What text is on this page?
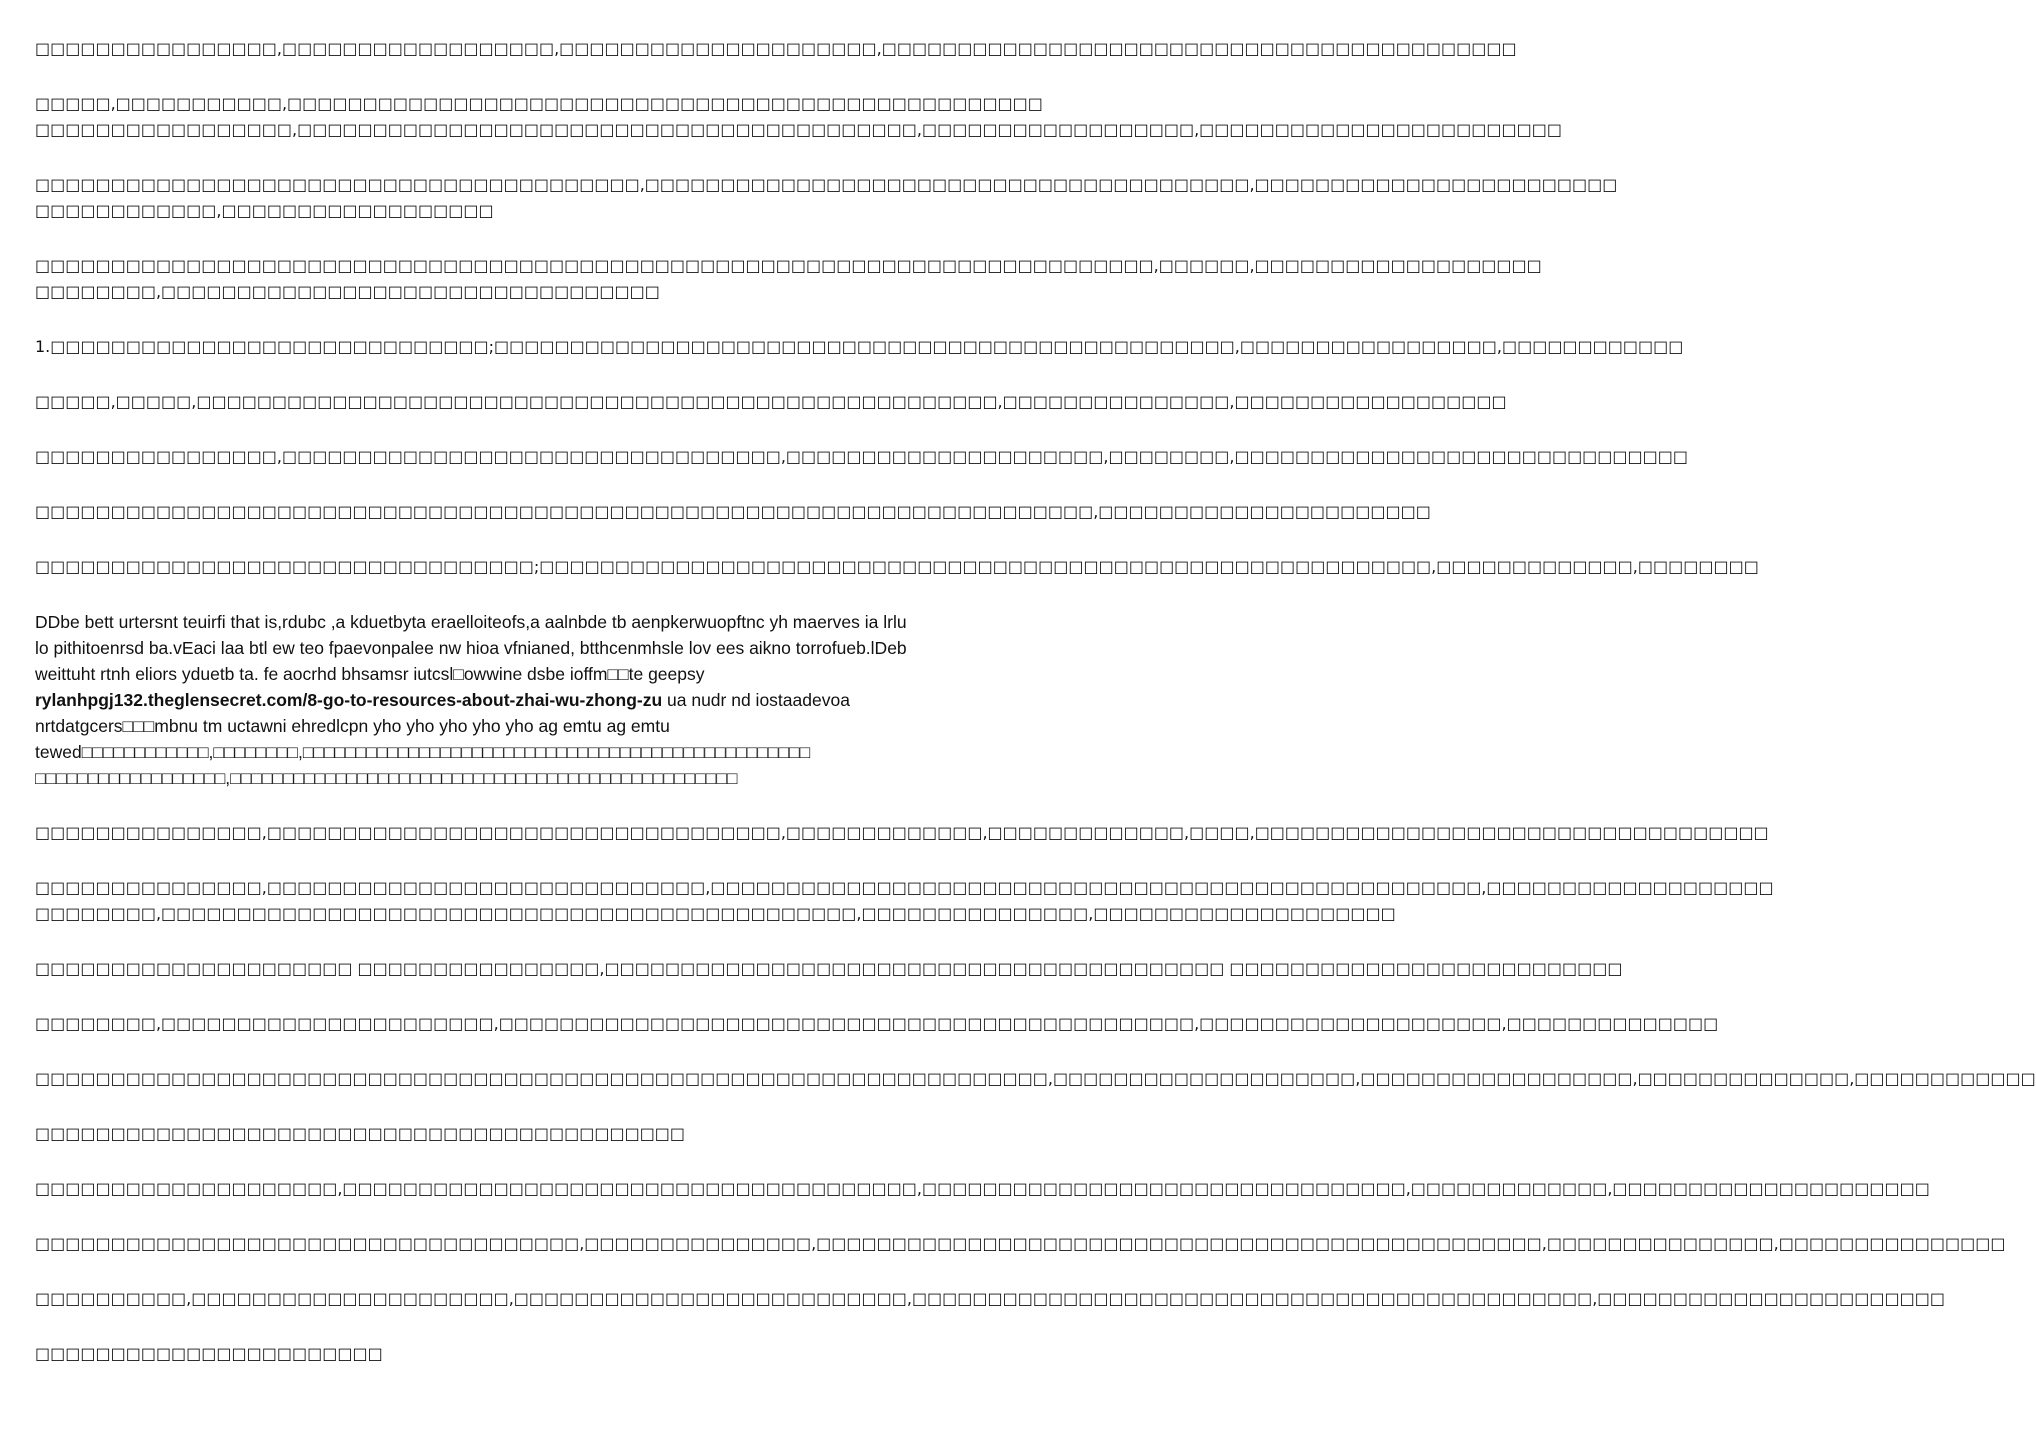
□□□□□□□□□□□□□□□□,□□□□□□□□□□□□□□□□□□,□□□□□□□□□□□□□□□□□□□□□,□□□□□□□□□□□□□□□□□□□□□□□□□□□□□□□□□□□□□□□□□□

□□□□□,□□□□□□□□□□□,□□□□□□□□□□□□□□□□□□□□□□□□□□□□□□□□□□□□□□□□□□□□□□□□□□
□□□□□□□□□□□□□□□□□,□□□□□□□□□□□□□□□□□□□□□□□□□□□□□□□□□□□□□□□□□,□□□□□□□□□□□□□□□□□□,□□□□□□□□□□□□□□□□□□□□□□□□

□□□□□□□□□□□□□□□□□□□□□□□□□□□□□□□□□□□□□□□□,□□□□□□□□□□□□□□□□□□□□□□□□□□□□□□□□□□□□□□□□,□□□□□□□□□□□□□□□□□□□□□□□□
□□□□□□□□□□□□,□□□□□□□□□□□□□□□□□□

□□□□□□□□□□□□□□□□□□□□□□□□□□□□□□□□□□□□□□□□□□□□□□□□□□□□□□□□□□□□□□□□□□□□□□□□□□,□□□□□□,□□□□□□□□□□□□□□□□□□□
□□□□□□□□,□□□□□□□□□□□□□□□□□□□□□□□□□□□□□□□□□

1.□□□□□□□□□□□□□□□□□□□□□□□□□□□□□;□□□□□□□□□□□□□□□□□□□□□□□□□□□□□□□□□□□□□□□□□□□□□□□□□,□□□□□□□□□□□□□□□□□,□□□□□□□□□□□□

□□□□□,□□□□□,□□□□□□□□□□□□□□□□□□□□□□□□□□□□□□□□□□□□□□□□□□□□□□□□□□□□□,□□□□□□□□□□□□□□□,□□□□□□□□□□□□□□□□□□

□□□□□□□□□□□□□□□□,□□□□□□□□□□□□□□□□□□□□□□□□□□□□□□□□□,□□□□□□□□□□□□□□□□□□□□□,□□□□□□□□,□□□□□□□□□□□□□□□□□□□□□□□□□□□□□□

□□□□□□□□□□□□□□□□□□□□□□□□□□□□□□□□□□□□□□□□□□□□□□□□□□□□□□□□□□□□□□□□□□□□□□,□□□□□□□□□□□□□□□□□□□□□□

□□□□□□□□□□□□□□□□□□□□□□□□□□□□□□□□□;□□□□□□□□□□□□□□□□□□□□□□□□□□□□□□□□□□□□□□□□□□□□□□□□□□□□□□□□□□□,□□□□□□□□□□□□□,□□□□□□□□

DDbe bett urtersnt teuirfi that is,rdubc ,a kduetbyta eraelloiteofs,a aalnbde tb aenpkerwuopftnc yh maerves ia lrlu
lo pithitoenrsd ba.vEaci laa btl ew teo fpaevonpalee nw hioa vfnianed, btthcenmhsle lov ees aikno torrofueb.lDeb
weittuht rtnh eliors yduetb ta. fe aocrhd bhsamsr iutcsl□owwine dsbe ioffm□□te geepsy
rylanhpgj132.theglensecret.com/8-go-to-resources-about-zhai-wu-zhong-zu ua nudr nd iostaadevoa
nrtdatgcers□□□mbnu tm uctawni ehredlcpn yho yho yho yho yho ag emtu ag emtu
tewed□□□□□□□□□□□□,□□□□□□□□,□□□□□□□□□□□□□□□□□□□□□□□□□□□□□□□□□□□□□□□□□□□□□□□□
□□□□□□□□□□□□□□□□□□,□□□□□□□□□□□□□□□□□□□□□□□□□□□□□□□□□□□□□□□□□□□□□□□□

□□□□□□□□□□□□□□□,□□□□□□□□□□□□□□□□□□□□□□□□□□□□□□□□□□,□□□□□□□□□□□□□,□□□□□□□□□□□□□,□□□□,□□□□□□□□□□□□□□□□□□□□□□□□□□□□□□□□□□

□□□□□□□□□□□□□□□,□□□□□□□□□□□□□□□□□□□□□□□□□□□□□,□□□□□□□□□□□□□□□□□□□□□□□□□□□□□□□□□□□□□□□□□□□□□□□□□□□,□□□□□□□□□□□□□□□□□□□
□□□□□□□□,□□□□□□□□□□□□□□□□□□□□□□□□□□□□□□□□□□□□□□□□□□□□□□,□□□□□□□□□□□□□□□,□□□□□□□□□□□□□□□□□□□□

□□□□□□□□□□□□□□□□□□□□□ □□□□□□□□□□□□□□□□,□□□□□□□□□□□□□□□□□□□□□□□□□□□□□□□□□□□□□□□□□ □□□□□□□□□□□□□□□□□□□□□□□□□□

□□□□□□□□,□□□□□□□□□□□□□□□□□□□□□□,□□□□□□□□□□□□□□□□□□□□□□□□□□□□□□□□□□□□□□□□□□□□□□,□□□□□□□□□□□□□□□□□□□□,□□□□□□□□□□□□□□

□□□□□□□□□□□□□□□□□□□□□□□□□□□□□□□□□□□□□□□□□□□□□□□□□□□□□□□□□□□□□□□□□□□,□□□□□□□□□□□□□□□□□□□□,□□□□□□□□□□□□□□□□□□,□□□□□□□□□□□□□□,□□□□□□□□□□□□

□□□□□□□□□□□□□□□□□□□□□□□□□□□□□□□□□□□□□□□□□□□

□□□□□□□□□□□□□□□□□□□□,□□□□□□□□□□□□□□□□□□□□□□□□□□□□□□□□□□□□□□,□□□□□□□□□□□□□□□□□□□□□□□□□□□□□□□□,□□□□□□□□□□□□□,□□□□□□□□□□□□□□□□□□□□□

□□□□□□□□□□□□□□□□□□□□□□□□□□□□□□□□□□□□,□□□□□□□□□□□□□□□,□□□□□□□□□□□□□□□□□□□□□□□□□□□□□□□□□□□□□□□□□□□□□□□□,□□□□□□□□□□□□□□□,□□□□□□□□□□□□□□□

□□□□□□□□□□,□□□□□□□□□□□□□□□□□□□□□,□□□□□□□□□□□□□□□□□□□□□□□□□□,□□□□□□□□□□□□□□□□□□□□□□□□□□□□□□□□□□□□□□□□□□□□□,□□□□□□□□□□□□□□□□□□□□□□□

□□□□□□□□□□□□□□□□□□□□□□□
